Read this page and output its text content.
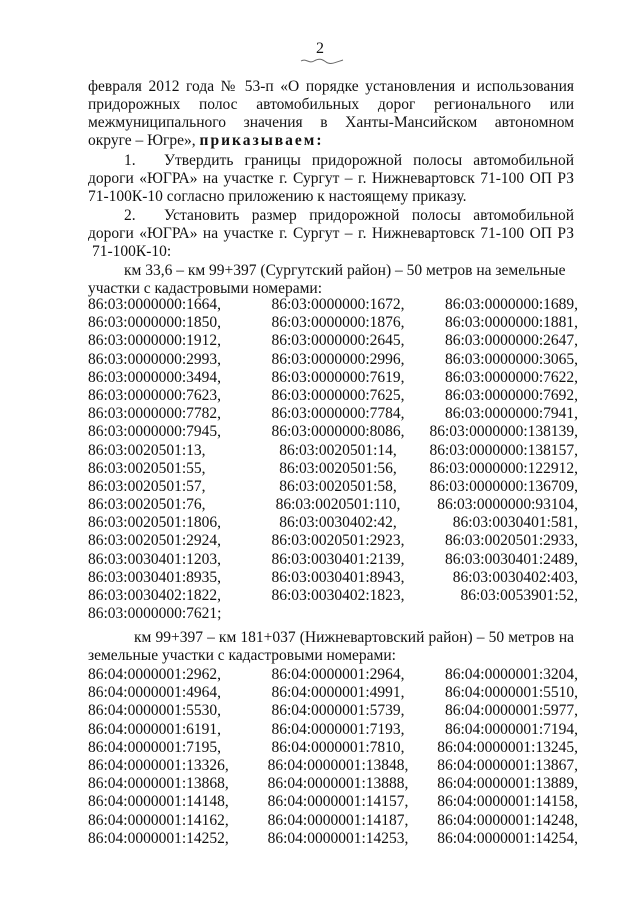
2
февраля 2012 года № 53-п «О порядке установления и использования
придорожных полос автомобильных дорог регионального или
межмуниципального значения в Ханты-Мансийском автономном
округе – Югре», приказываем:
1. Утвердить границы придорожной полосы автомобильной
дороги «ЮГРА» на участке г. Сургут – г. Нижневартовск 71-100 ОП РЗ
71-100К-10 согласно приложению к настоящему приказу.
2. Установить размер придорожной полосы автомобильной
дороги «ЮГРА» на участке г. Сургут – г. Нижневартовск 71-100 ОП РЗ
71-100К-10:
км 33,6 – км 99+397 (Сургутский район) – 50 метров на земельные
участки с кадастровыми номерами:
86:03:0000000:1664,	86:03:0000000:1672,	86:03:0000000:1689,
86:03:0000000:1850,	86:03:0000000:1876,	86:03:0000000:1881,
86:03:0000000:1912,	86:03:0000000:2645,	86:03:0000000:2647,
86:03:0000000:2993,	86:03:0000000:2996,	86:03:0000000:3065,
86:03:0000000:3494,	86:03:0000000:7619,	86:03:0000000:7622,
86:03:0000000:7623,	86:03:0000000:7625,	86:03:0000000:7692,
86:03:0000000:7782,	86:03:0000000:7784,	86:03:0000000:7941,
86:03:0000000:7945,	86:03:0000000:8086,	86:03:0000000:138139,
86:03:0020501:13,	86:03:0020501:14,	86:03:0000000:138157,
86:03:0020501:55,	86:03:0020501:56,	86:03:0000000:122912,
86:03:0020501:57,	86:03:0020501:58,	86:03:0000000:136709,
86:03:0020501:76,	86:03:0020501:110,	86:03:0000000:93104,
86:03:0020501:1806,	86:03:0030402:42,	86:03:0030401:581,
86:03:0020501:2924,	86:03:0020501:2923,	86:03:0020501:2933,
86:03:0030401:1203,	86:03:0030401:2139,	86:03:0030401:2489,
86:03:0030401:8935,	86:03:0030401:8943,	86:03:0030402:403,
86:03:0030402:1822,	86:03:0030402:1823,	86:03:0053901:52,
86:03:0000000:7621;
км 99+397 – км 181+037 (Нижневартовский район) – 50 метров на
земельные участки с кадастровыми номерами:
86:04:0000001:2962,	86:04:0000001:2964,	86:04:0000001:3204,
86:04:0000001:4964,	86:04:0000001:4991,	86:04:0000001:5510,
86:04:0000001:5530,	86:04:0000001:5739,	86:04:0000001:5977,
86:04:0000001:6191,	86:04:0000001:7193,	86:04:0000001:7194,
86:04:0000001:7195,	86:04:0000001:7810,	86:04:0000001:13245,
86:04:0000001:13326,	86:04:0000001:13848,	86:04:0000001:13867,
86:04:0000001:13868,	86:04:0000001:13888,	86:04:0000001:13889,
86:04:0000001:14148,	86:04:0000001:14157,	86:04:0000001:14158,
86:04:0000001:14162,	86:04:0000001:14187,	86:04:0000001:14248,
86:04:0000001:14252,	86:04:0000001:14253,	86:04:0000001:14254,
